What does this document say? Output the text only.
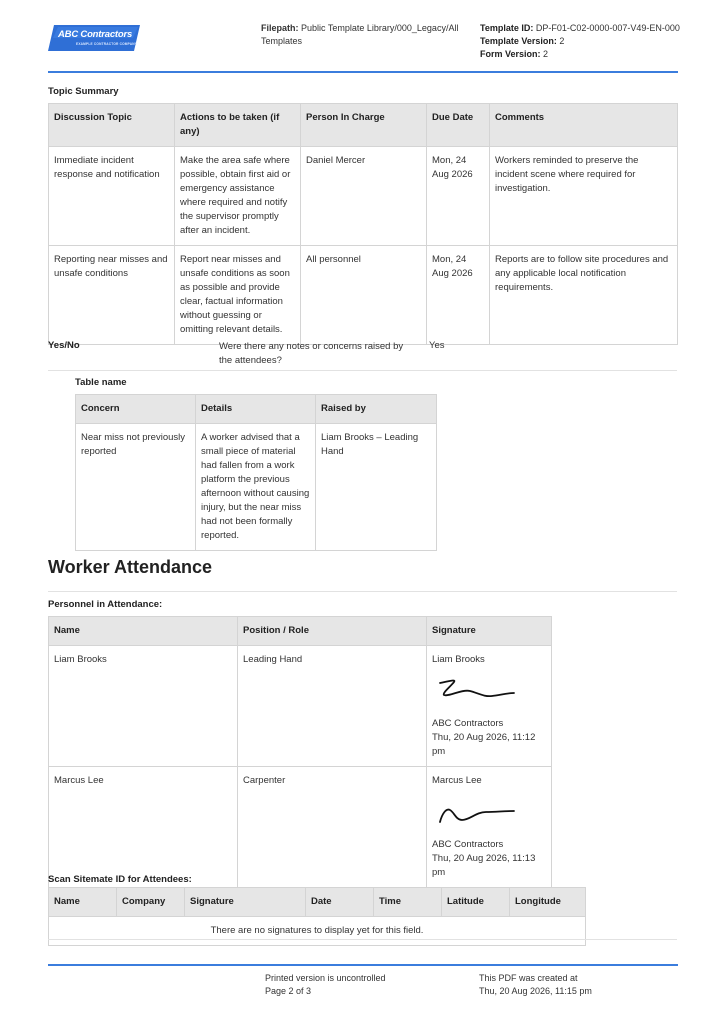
ABC Contractors
EXAMPLE CONTRACTOR COMPANY
Filepath: Public Template Library/000_Legacy/All Templates
Template ID: DP-F01-C02-0000-007-V49-EN-000
Template Version: 2
Form Version: 2
Topic Summary
Discussion Topic	Actions to be taken (if any)	Person In Charge	Due Date	Comments
Immediate incident response and notification	Make the area safe where possible, obtain first aid or emergency assistance where required and notify the supervisor promptly after an incident.	Daniel Mercer	Mon, 24 Aug 2026	Workers reminded to preserve the incident scene where required for investigation.
Reporting near misses and unsafe conditions	Report near misses and unsafe conditions as soon as possible and provide clear, factual information without guessing or omitting relevant details.	All personnel	Mon, 24 Aug 2026	Reports are to follow site procedures and any applicable local notification requirements.
Yes/No	Were there any notes or concerns raised by the attendees?
Yes
Table name
Concern	Details	Raised by
Near miss not previously reported	A worker advised that a small piece of material had fallen from a work platform the previous afternoon without causing injury, but the near miss had not been formally reported.	Liam Brooks – Leading Hand
Worker Attendance
Personnel in Attendance:
Name	Position / Role	Signature
Liam Brooks	Leading Hand	Liam Brooks
ABC Contractors
Thu, 20 Aug 2026, 11:12 pm

Marcus Lee	Carpenter	Marcus Lee
ABC Contractors
Thu, 20 Aug 2026, 11:13 pm
Scan Sitemate ID for Attendees:
Name	Company	Signature	Date	Time	Latitude	Longitude
There are no signatures to display yet for this field.
Printed version is uncontrolled
Page 2 of 3
This PDF was created at
Thu, 20 Aug 2026, 11:15 pm
